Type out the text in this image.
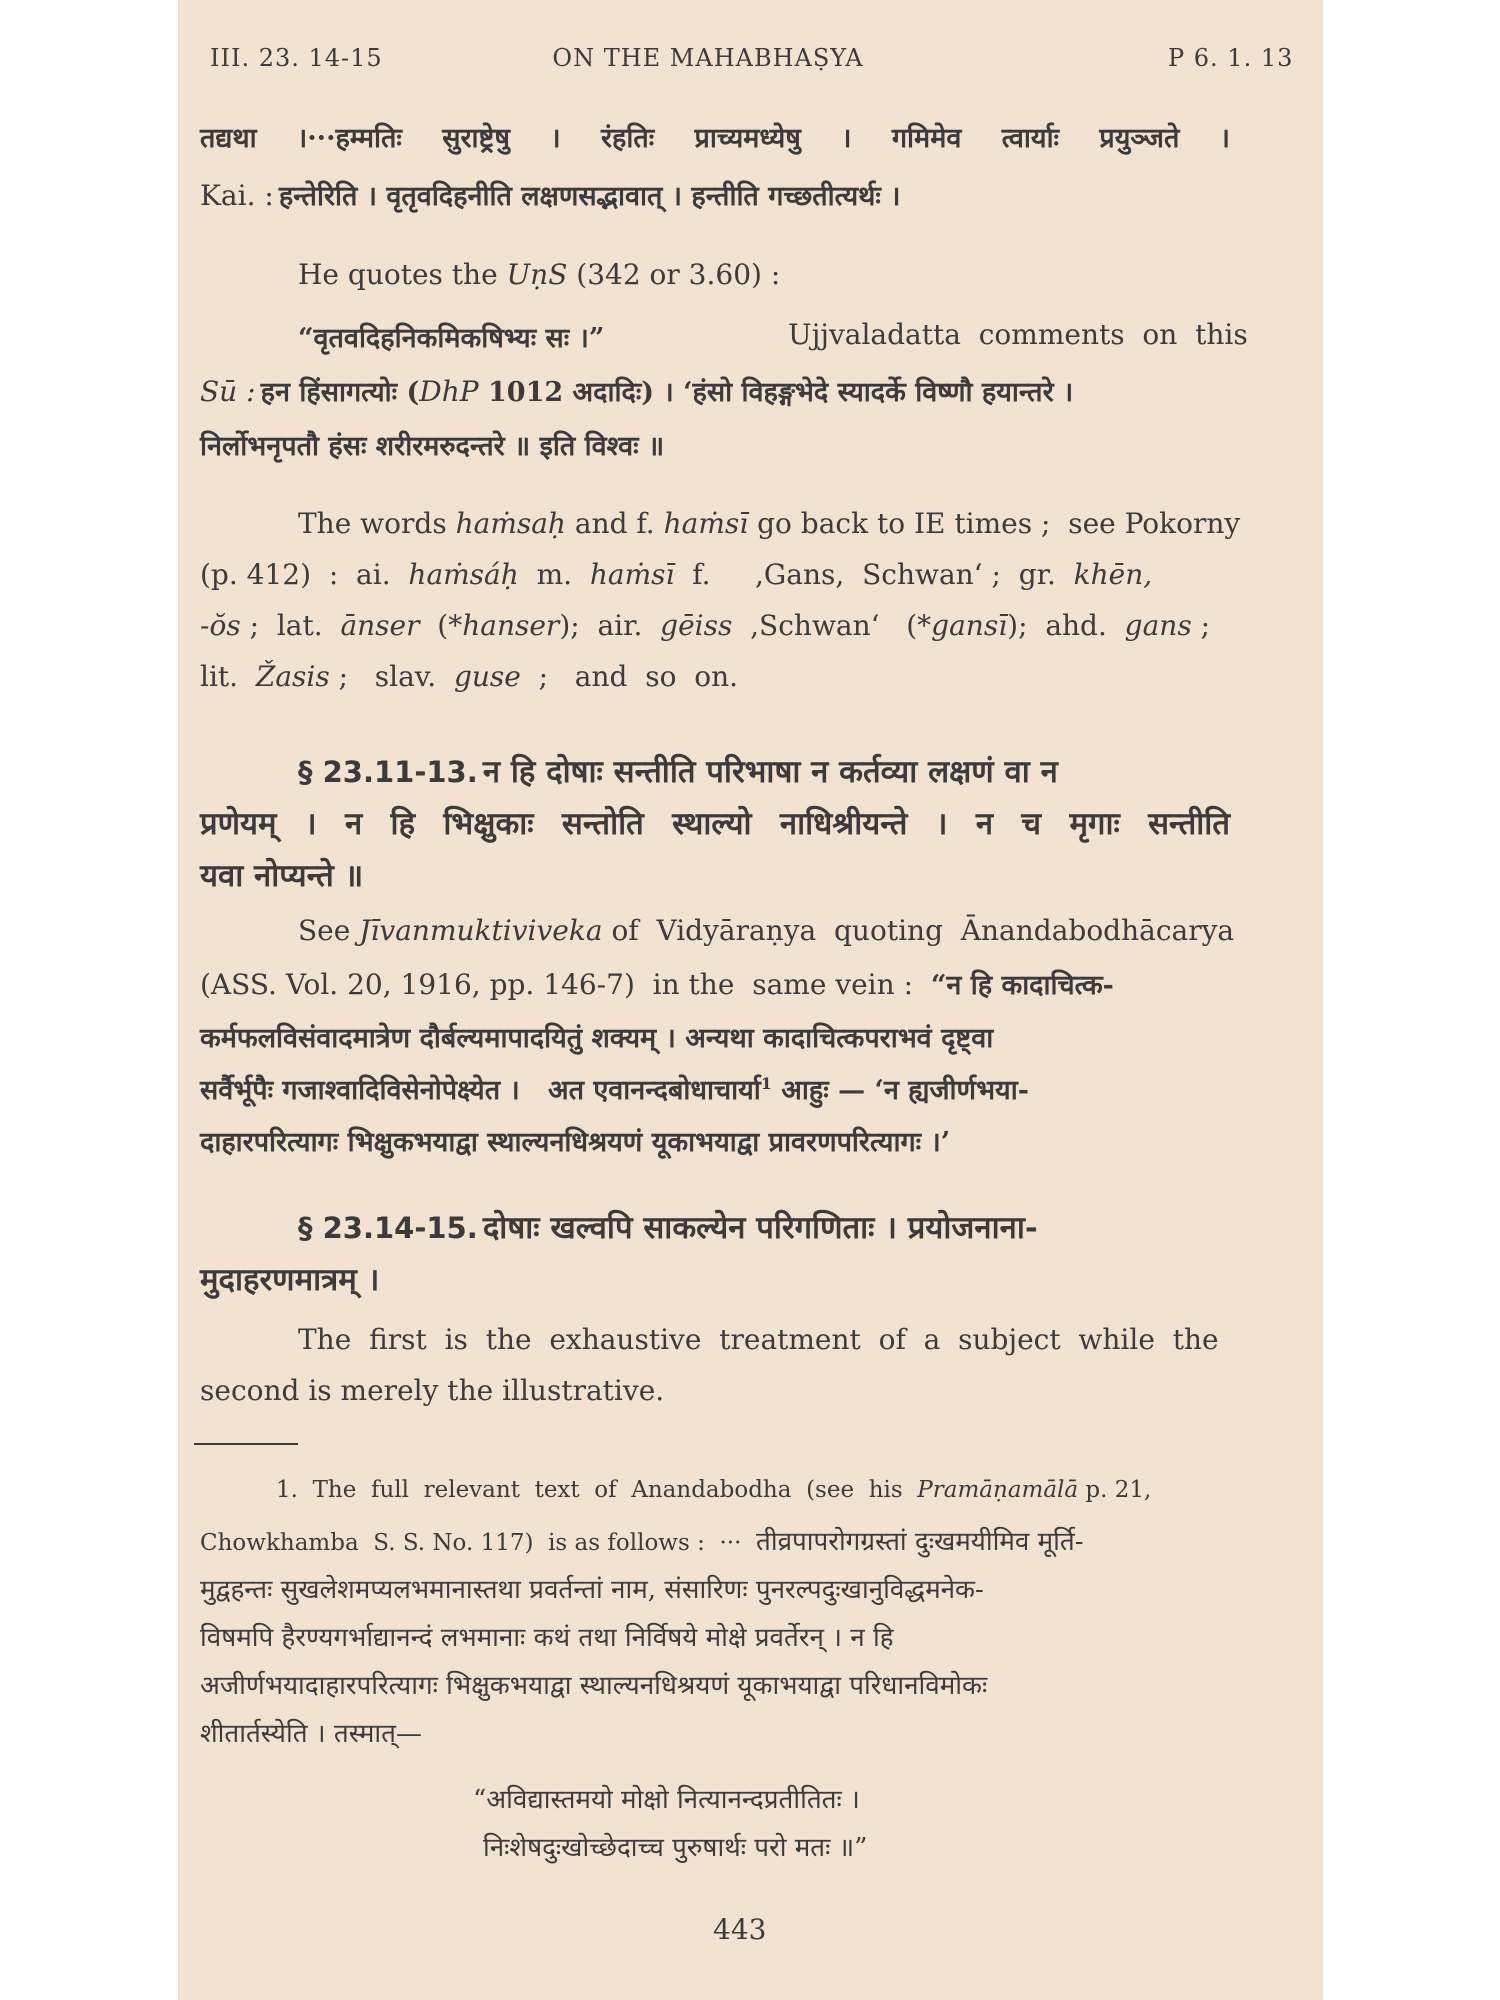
III. 23. 14-15	ON THE MAHABHAṢYA	P 6. 1. 13
तद्यथा ।···हम्मतिः सुराष्ट्रेषु । रंहतिः प्राच्यमध्येषु । गमिमेव त्वार्याः प्रयुञ्जते ।
Kai. : हन्तेरिति । वृतृवदिहनीति लक्षणसद्भावात् । हन्तीति गच्छतीत्यर्थः ।
He quotes the UṇS (342 or 3.60) :
“वृतवदिहनिकमिकषिभ्यः सः ।”	Ujjvaladatta  comments  on  this
Sū : हन हिंसागत्योः (DhP 1012 अदादिः) । ‘हंसो विहङ्गभेदे स्यादर्के विष्णौ हयान्तरे ।
निर्लोभनृपतौ हंसः शरीरमरुदन्तरे ॥ इति विश्वः ॥
The words haṁsaḥ and f. haṁsī go back to IE times ;  see Pokorny
(p. 412)  :  ai.  haṁsáḥ  m.  haṁsī  f.     ,Gans,  Schwan‘ ;  gr.  khēn,
-ŏs ;  lat.  ānser  (*hanser);  air.  gēiss  ,Schwan‘   (*gansī);  ahd.  gans ;
lit.  Žasis ;   slav.  guse  ;   and  so  on.
§ 23.11-13. न हि दोषाः सन्तीति परिभाषा न कर्तव्या लक्षणं वा न
प्रणेयम् । न हि भिक्षुकाः सन्तोति स्थाल्यो नाधिश्रीयन्ते । न च मृगाः सन्तीति
यवा नोप्यन्ते ॥
See Jīvanmuktiviveka of  Vidyāraṇya  quoting  Ānandabodhācarya
(ASS. Vol. 20, 1916, pp. 146-7)  in the  same vein :  “न हि कादाचित्क-
कर्मफलविसंवादमात्रेण दौर्बल्यमापादयितुं शक्यम् । अन्यथा कादाचित्कपराभवं दृष्ट्वा
सर्वैर्भूपैः गजाश्वादिविसेनोपेक्ष्येत ।   अत एवानन्दबोधाचार्या$^1$ आहुः — ‘न ह्यजीर्णभया-
दाहारपरित्यागः भिक्षुकभयाद्वा स्थाल्यनधिश्रयणं यूकाभयाद्वा प्रावरणपरित्यागः ।’
§ 23.14-15. दोषाः खल्वपि साकल्येन परिगणिताः । प्रयोजनाना-
मुदाहरणमात्रम् ।
The  first  is  the  exhaustive  treatment  of  a  subject  while  the
second is merely the illustrative.
1.  The  full  relevant  text  of  Anandabodha  (see  his  Pramāṇamālā p. 21,
Chowkhamba  S. S. No. 117)  is as follows :  ···  तीव्रपापरोगग्रस्तां दुःखमयीमिव मूर्ति-
मुद्वहन्तः सुखलेशमप्यलभमानास्तथा प्रवर्तन्तां नाम, संसारिणः पुनरल्पदुःखानुविद्धमनेक-
विषमपि हैरण्यगर्भाद्यानन्दं लभमानाः कथं तथा निर्विषये मोक्षे प्रवर्तेरन् । न हि
अजीर्णभयादाहारपरित्यागः भिक्षुकभयाद्वा स्थाल्यनधिश्रयणं यूकाभयाद्वा परिधानविमोकः
शीतार्तस्येति । तस्मात्—
“अविद्यास्तमयो मोक्षो नित्यानन्दप्रतीतितः ।
निःशेषदुःखोच्छेदाच्च पुरुषार्थः परो मतः ॥”
443
